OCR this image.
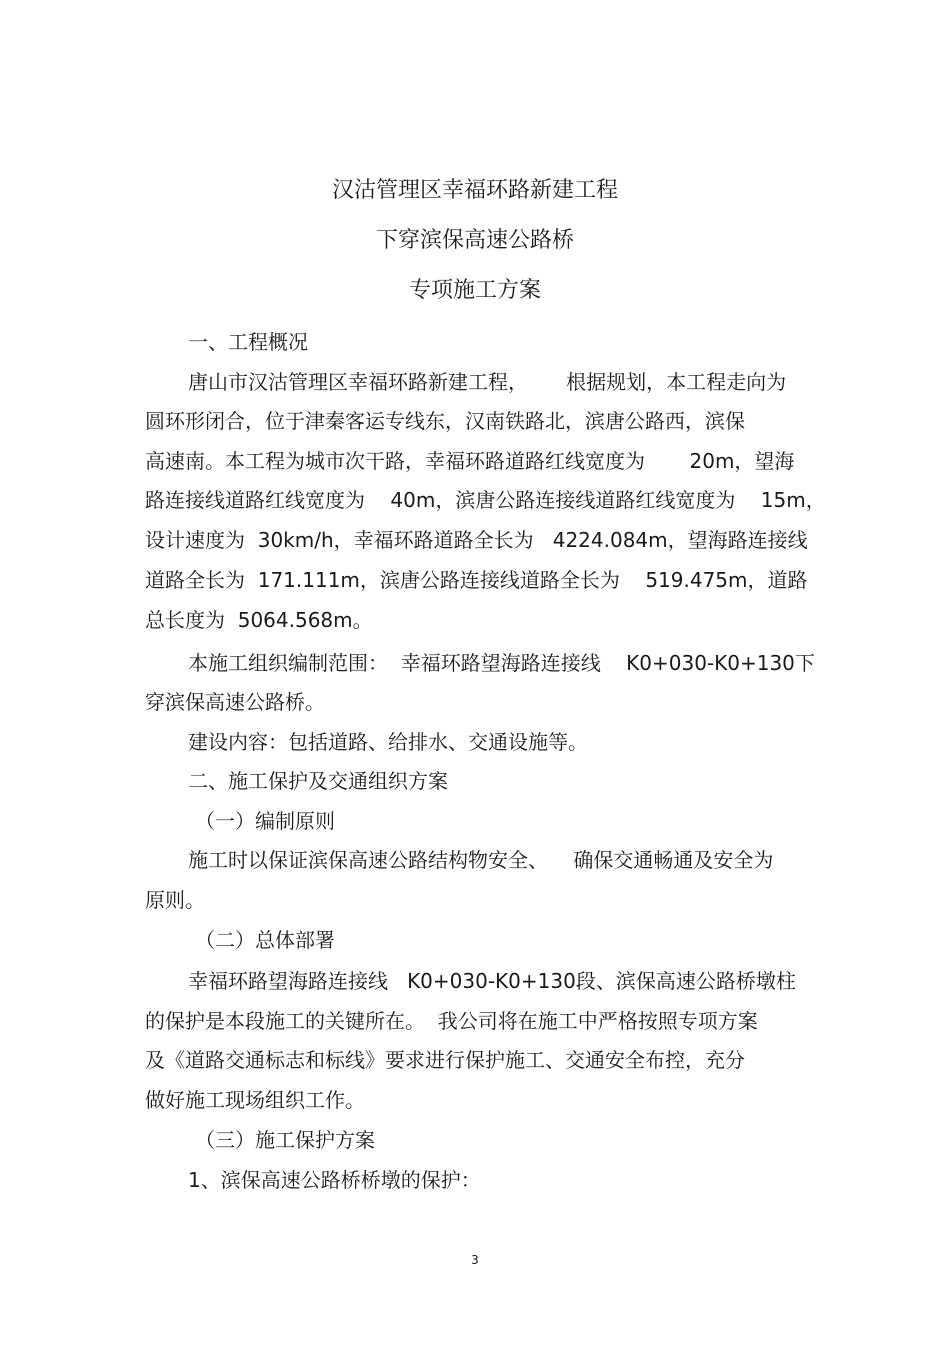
汉沽管理区幸福环路新建工程
下穿滨保高速公路桥
专项施工方案
一、工程概况
唐山市汉沽管理区幸福环路新建工程，      根据规划，本工程走向为
圆环形闭合，位于津秦客运专线东，汉南铁路北，滨唐公路西，滨保
高速南。本工程为城市次干路，幸福环路道路红线宽度为       20m，望海
路连接线道路红线宽度为    40m，滨唐公路连接线道路红线宽度为    15m，
设计速度为  30km/h，幸福环路道路全长为   4224.084m，望海路连接线
道路全长为  171.111m，滨唐公路连接线道路全长为    519.475m，道路
总长度为  5064.568m。
本施工组织编制范围：  幸福环路望海路连接线    K0+030-K0+130下
穿滨保高速公路桥。
建设内容：包括道路、给排水、交通设施等。
二、施工保护及交通组织方案
（一）编制原则
施工时以保证滨保高速公路结构物安全、    确保交通畅通及安全为
原则。
（二）总体部署
幸福环路望海路连接线   K0+030-K0+130段、滨保高速公路桥墩柱
的保护是本段施工的关键所在。  我公司将在施工中严格按照专项方案
及《道路交通标志和标线》要求进行保护施工、交通安全布控，充分
做好施工现场组织工作。
（三）施工保护方案
1、滨保高速公路桥桥墩的保护：
3
